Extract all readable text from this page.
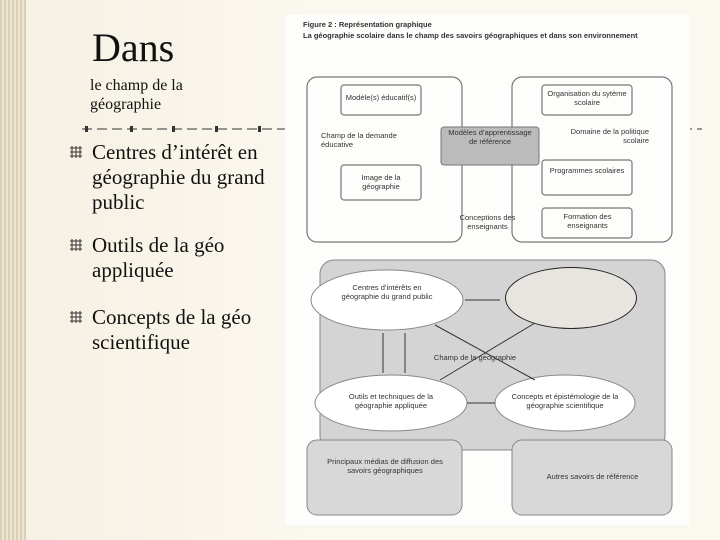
Dans
le champ de la géographie
Centres d’intérêt en géographie du grand public
Outils de la géo appliquée
Concepts de la géo scientifique
Figure 2 : Représentation graphique
La géographie scolaire dans le champ des savoirs géographiques et dans son environnement
Modèle(s) éducatif(s)	Organisation du sytème scolaire
Champ de la demande éducative
Modèles d’apprentissage de référence
Domaine de la politique scolaire
Image de la géographie
Programmes scolaires
Conceptions des enseignants
Formation des enseignants
Centres d’intérêts en géographie du grand public
Champ de la géographie
Outils et techniques de la géographie appliquée
Concepts et épistémologie de la géographie scientifique
Principaux médias de diffusion des savoirs géographiques
Autres savoirs de référence
